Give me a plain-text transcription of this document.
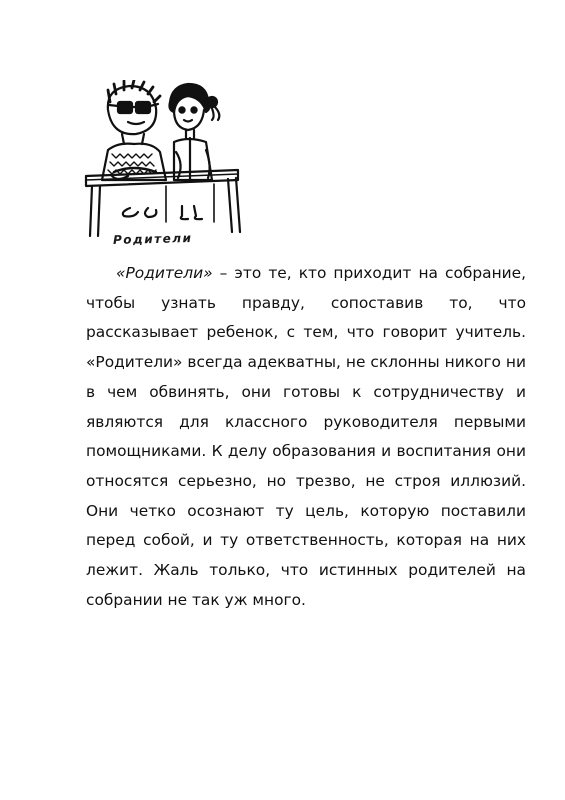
Родители

«Родители» – это те, кто приходит на собрание, чтобы узнать правду, сопоставив то, что рассказывает ребенок, с тем, что говорит учитель. «Родители» всегда адекватны, не склонны никого ни в чем обвинять, они готовы к сотрудничеству и являются для классного руководителя первыми помощниками. К делу образования и воспитания они относятся серьезно, но трезво, не строя иллюзий. Они четко осознают ту цель, которую поставили перед собой, и ту ответственность, которая на них лежит. Жаль только, что истинных родителей на собрании не так уж много.
